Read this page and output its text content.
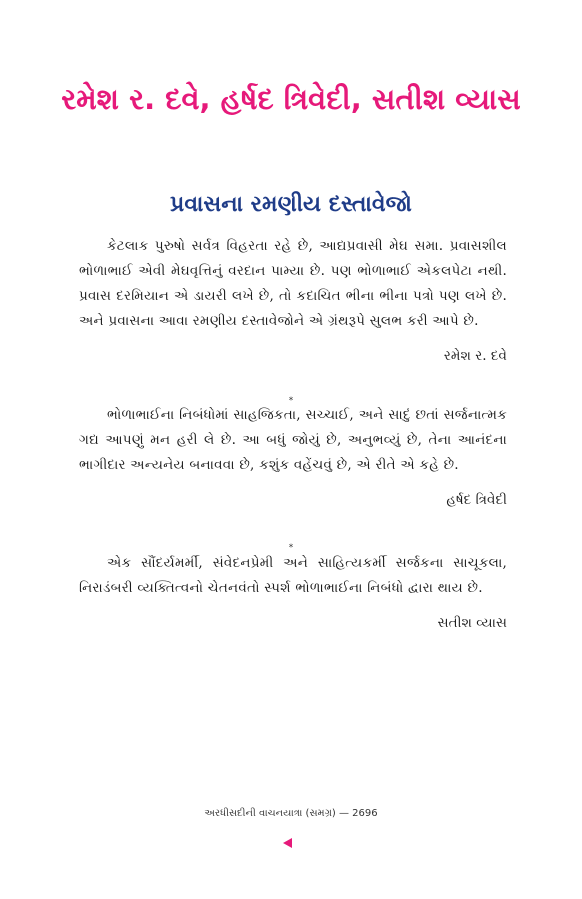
રમેશ ર. દવે, હર્ષદ ત્રિવેદી, સતીશ વ્યાસ
પ્રવાસના રમણીય દસ્તાવેજો

કેટલાક પુરુષો સર્વત્ર વિહરતા રહે છે, આદ્યપ્રવાસી મેઘ સમા. પ્રવાસશીલ ભોળાભાઈ એવી મેઘવૃત્તિનું વરદાન પામ્યા છે. પણ ભોળાભાઈ એકલપેટા નથી. પ્રવાસ દરમિયાન એ ડાયરી લખે છે, તો કદાચિત ભીના ભીના પત્રો પણ લખે છે. અને પ્રવાસના આવા રમણીય દસ્તાવેજોને એ ગ્રંથરૂપે સુલભ કરી આપે છે.

રમેશ ર. દવે

*

ભોળાભાઈના નિબંધોમાં સાહજિકતા, સચ્ચાઈ, અને સાદું છતાં સર્જનાત્મક ગદ્ય આપણું મન હરી લે છે. આ બધું જોયું છે, અનુભવ્યું છે, તેના આનંદના ભાગીદાર અન્યનેય બનાવવા છે, કશુંક વહેંચવું છે, એ રીતે એ કહે છે.

હર્ષદ ત્રિવેદી

*

એક સૌંદર્યમર્મી, સંવેદનપ્રેમી અને સાહિત્યકર્મી સર્જકના સાચૂકલા, નિરાડંબરી વ્યક્તિત્વનો ચેતનવંતો સ્પર્શ ભોળાભાઈના નિબંધો દ્વારા થાય છે.

સતીશ વ્યાસ

અરધીસદીની વાચનયાત્રા (સમગ્ર) — 2696
